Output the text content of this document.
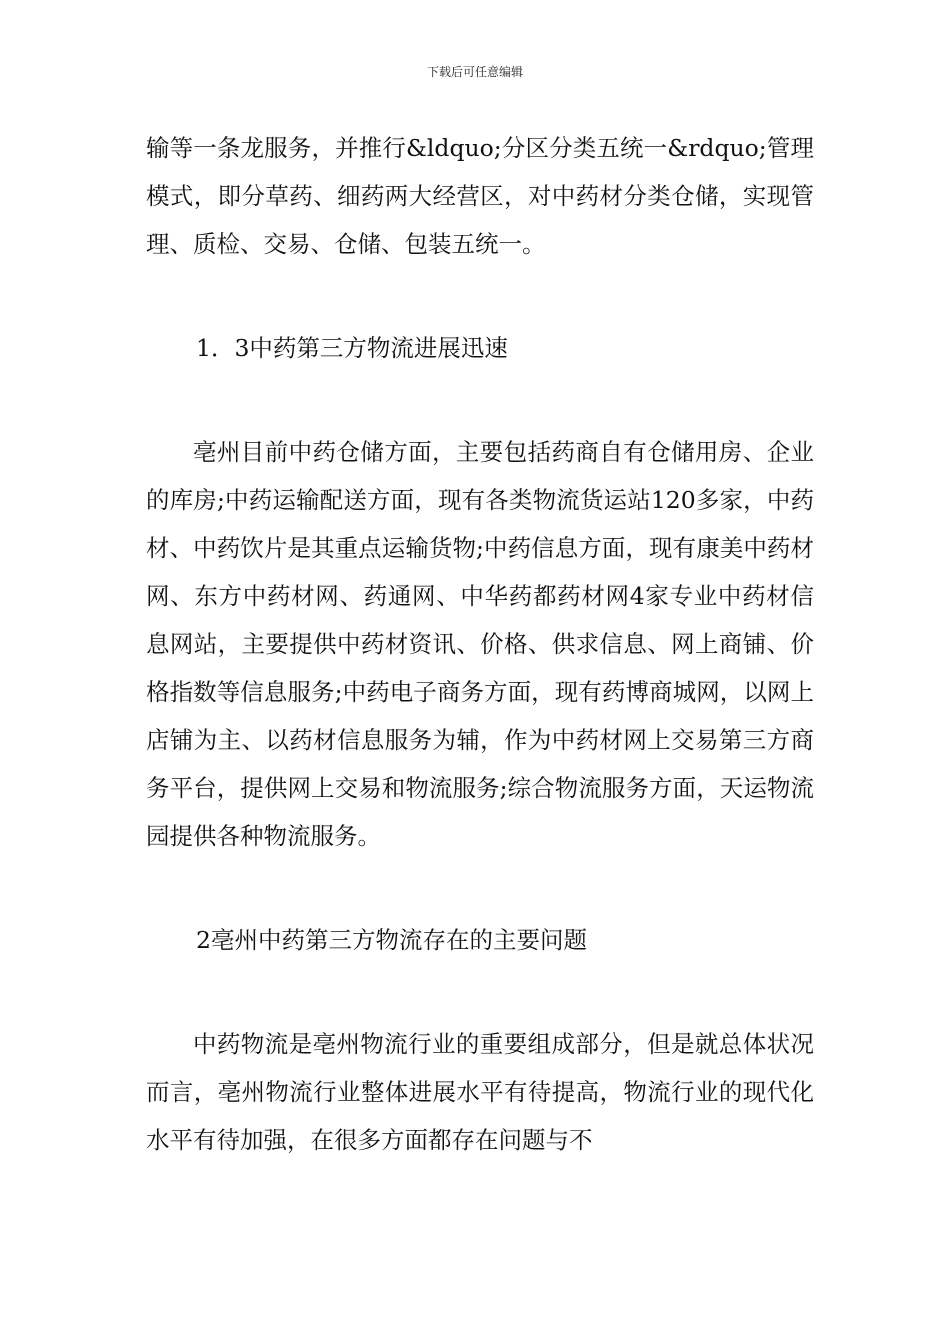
下载后可任意编辑

输等一条龙服务，并推行&ldquo;分区分类五统一&rdquo;管理模式，即分草药、细药两大经营区，对中药材分类仓储，实现管理、质检、交易、仓储、包装五统一。

1．3中药第三方物流进展迅速

亳州目前中药仓储方面，主要包括药商自有仓储用房、企业的库房;中药运输配送方面，现有各类物流货运站120多家，中药材、中药饮片是其重点运输货物;中药信息方面，现有康美中药材网、东方中药材网、药通网、中华药都药材网4家专业中药材信息网站，主要提供中药材资讯、价格、供求信息、网上商铺、价格指数等信息服务;中药电子商务方面，现有药博商城网，以网上店铺为主、以药材信息服务为辅，作为中药材网上交易第三方商务平台，提供网上交易和物流服务;综合物流服务方面，天运物流园提供各种物流服务。

2亳州中药第三方物流存在的主要问题

中药物流是亳州物流行业的重要组成部分，但是就总体状况而言，亳州物流行业整体进展水平有待提高，物流行业的现代化水平有待加强，在很多方面都存在问题与不
